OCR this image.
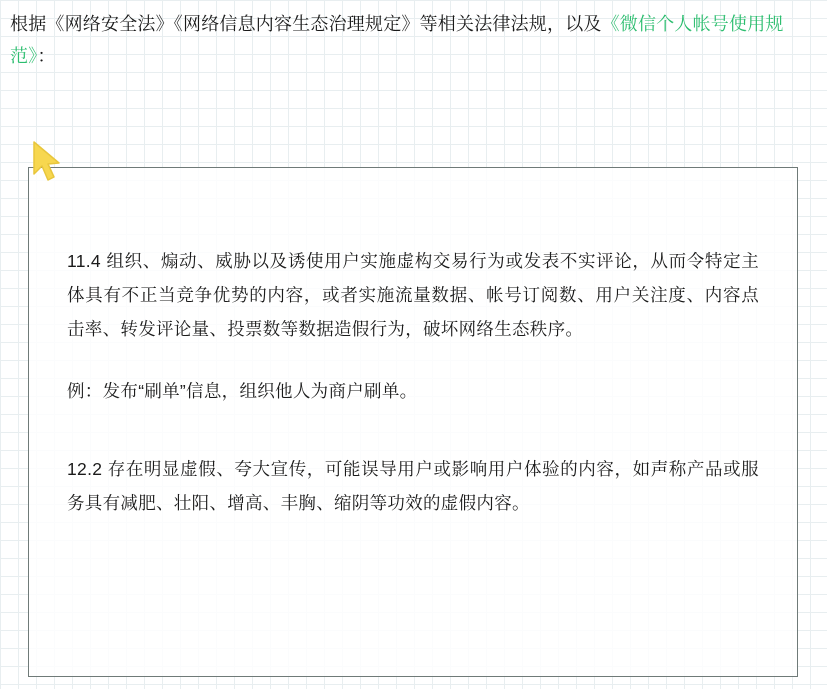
根据《网络安全法》《网络信息内容生态治理规定》等相关法律法规，以及《微信个人帐号使用规范》：
11.4 组织、煽动、威胁以及诱使用户实施虚构交易行为或发表不实评论，从而令特定主体具有不正当竞争优势的内容，或者实施流量数据、帐号订阅数、用户关注度、内容点击率、转发评论量、投票数等数据造假行为，破坏网络生态秩序。
例：发布“刷单”信息，组织他人为商户刷单。
12.2 存在明显虚假、夸大宣传，可能误导用户或影响用户体验的内容，如声称产品或服务具有减肥、壮阳、增高、丰胸、缩阴等功效的虚假内容。
